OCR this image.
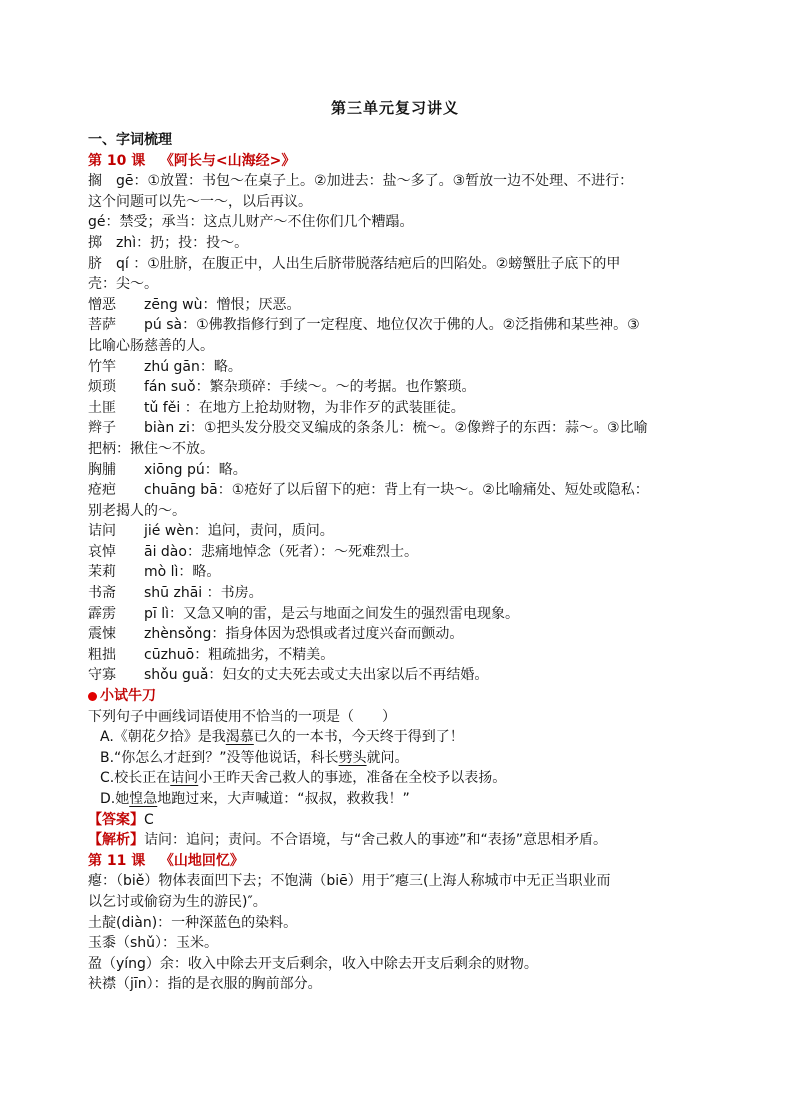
第三单元复习讲义
一、字词梳理
第 10 课 《阿长与<山海经>》
搁　gē：①放置：书包～在桌子上。②加进去：盐～多了。③暂放一边不处理、不进行：
这个问题可以先～一～，以后再议。
gé：禁受；承当：这点儿财产～不住你们几个糟蹋。
掷　zhì：扔；投：投～。
脐　qí ：①肚脐，在腹正中，人出生后脐带脱落结疤后的凹陷处。②螃蟹肚子底下的甲
壳：尖～。
憎恶　　zēng wù：憎恨；厌恶。
菩萨　　pú sà：①佛教指修行到了一定程度、地位仅次于佛的人。②泛指佛和某些神。③
比喻心肠慈善的人。
竹竿　　zhú gān：略。
烦琐　　fán suǒ：繁杂琐碎：手续～。～的考据。也作繁琐。
土匪　　tǔ fěi ：在地方上抢劫财物，为非作歹的武装匪徒。
辫子　　biàn zi：①把头发分股交叉编成的条条儿：梳～。②像辫子的东西：蒜～。③比喻
把柄：揪住～不放。
胸脯　　xiōng pú：略。
疮疤　　chuāng bā：①疮好了以后留下的疤：背上有一块～。②比喻痛处、短处或隐私：
别老揭人的～。
诘问　　jié wèn：追问，责问，质问。
哀悼　　āi dào：悲痛地悼念（死者）：～死难烈士。
茉莉　　mò lì：略。
书斋　　shū zhāi ：书房。
霹雳　　pī lì：又急又响的雷，是云与地面之间发生的强烈雷电现象。
震悚　　zhènsǒng：指身体因为恐惧或者过度兴奋而颤动。
粗拙　　cūzhuō：粗疏拙劣，不精美。
守寡　　shǒu guǎ：妇女的丈夫死去或丈夫出家以后不再结婚。
小试牛刀
下列句子中画线词语使用不恰当的一项是（　　）
A.《朝花夕拾》是我渴慕已久的一本书，今天终于得到了！
B.“你怎么才赶到？”没等他说话，科长劈头就问。
C.校长正在诘问小王昨天舍己救人的事迹，准备在全校予以表扬。
D.她惶急地跑过来，大声喊道：“叔叔，救救我！”
【答案】C
【解析】诘问：追问；责问。不合语境，与“舍己救人的事迹”和“表扬”意思相矛盾。
第 11 课 《山地回忆》
瘪：（biě）物体表面凹下去；不饱满（biē）用于″瘪三(上海人称城市中无正当职业而
以乞讨或偷窃为生的游民)″。
土靛(diàn)：一种深蓝色的染料。
玉黍（shǔ）：玉米。
盈（yíng）余：收入中除去开支后剩余，收入中除去开支后剩余的财物。
衭襟（jīn）：指的是衣服的胸前部分。
